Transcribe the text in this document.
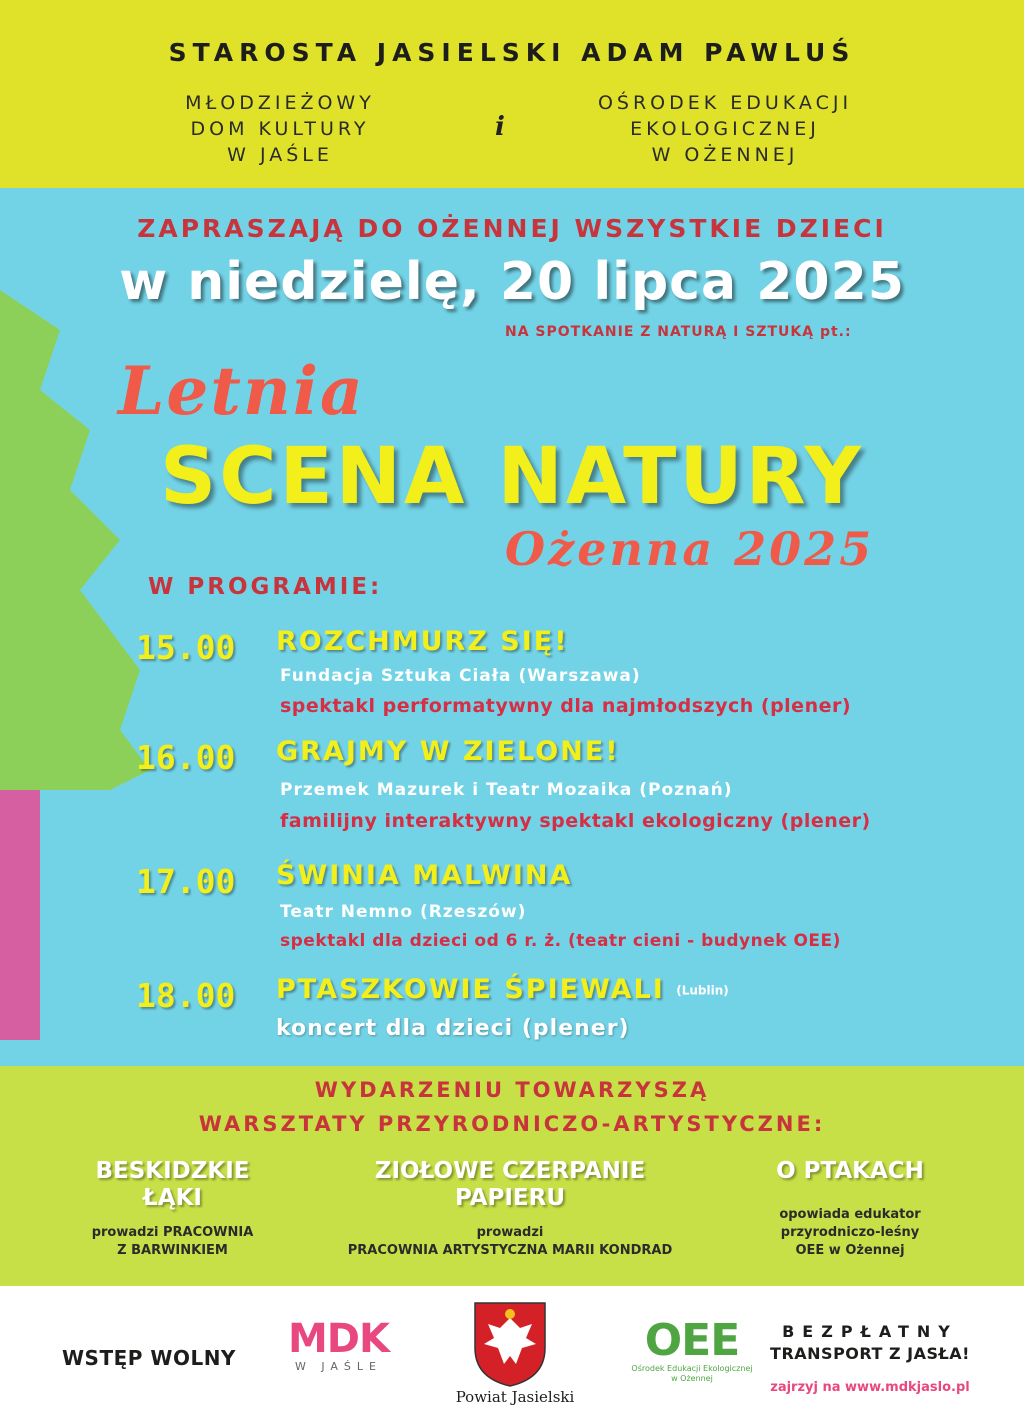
STAROSTA JASIELSKI ADAM PAWLUŚ
MŁODZIEŻOWY
DOM KULTURY
W JAŚLE
i
OŚRODEK EDUKACJI
EKOLOGICZNEJ
W OŻENNEJ
ZAPRASZAJĄ DO OŻENNEJ WSZYSTKIE DZIECI
w niedzielę, 20 lipca 2025
NA SPOTKANIE Z NATURĄ I SZTUKĄ pt.:
Letnia
SCENA NATURY
Ożenna 2025
W PROGRAMIE:
15.00 ROZCHMURZ SIĘ!
Fundacja Sztuka Ciała (Warszawa)
spektakl performatywny dla najmłodszych (plener)
16.00 GRAJMY W ZIELONE!
Przemek Mazurek i Teatr Mozaika (Poznań)
familijny interaktywny spektakl ekologiczny (plener)
17.00 ŚWINIA MALWINA
Teatr Nemno (Rzeszów)
spektakl dla dzieci od 6 r. ż. (teatr cieni - budynek OEE)
18.00 PTASZKOWIE ŚPIEWALI (Lublin)
koncert dla dzieci (plener)
WYDARZENIU TOWARZYSZĄ
WARSZTATY PRZYRODNICZO-ARTYSTYCZNE:
BESKIDZKIE
ŁĄKI
prowadzi PRACOWNIA
Z BARWINKIEM
ZIOŁOWE CZERPANIE
PAPIERU
prowadzi
PRACOWNIA ARTYSTYCZNA MARII KONDRAD
O PTAKACH
opowiada edukator
przyrodniczo-leśny
OEE w Ożennej
WSTĘP WOLNY MDK
W JAŚLE
Powiat Jasielski
OEE
Ośrodek Edukacji Ekologicznej
w Ożennej
BEZPŁATNY
TRANSPORT Z JASŁA!
zajrzyj na www.mdkjaslo.pl
